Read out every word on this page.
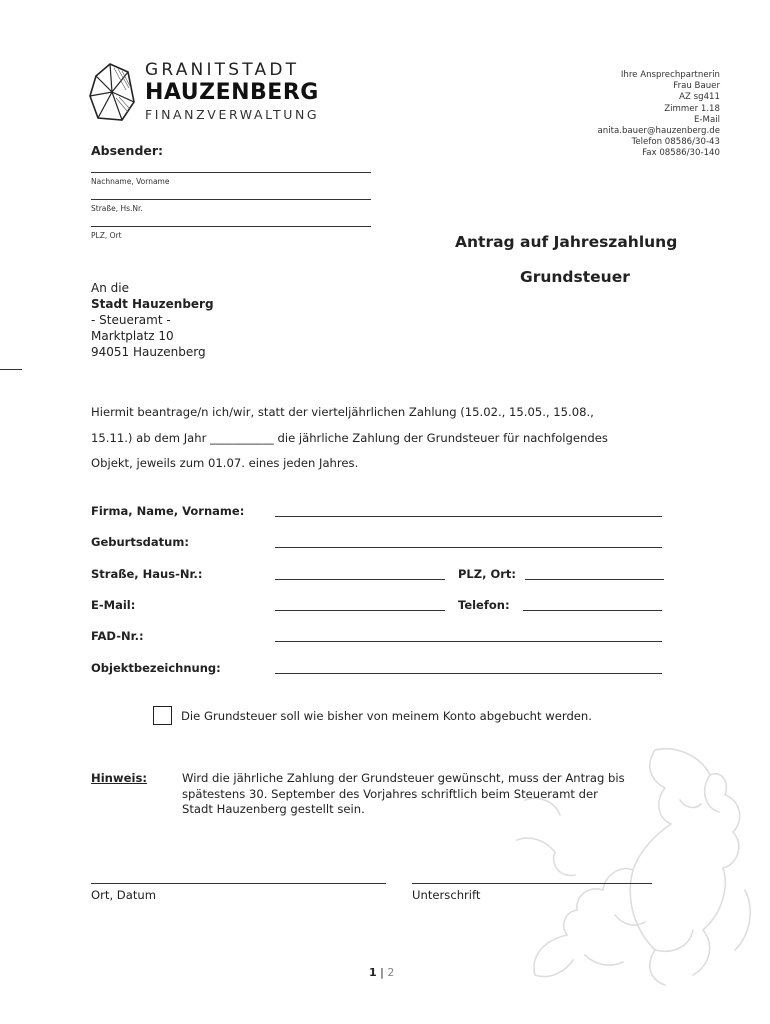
GRANITSTADT
HAUZENBERG
FINANZVERWALTUNG
Ihre Ansprechpartnerin
Frau Bauer
AZ sg411
Zimmer 1.18
E-Mail
anita.bauer@hauzenberg.de
Telefon 08586/30-43
Fax 08586/30-140
Absender:
Nachname, Vorname
Straße, Hs.Nr.
PLZ, Ort	Antrag auf Jahreszahlung
Grundsteuer
An die
Stadt Hauzenberg
- Steueramt -
Marktplatz 10
94051 Hauzenberg
Hiermit beantrage/n ich/wir, statt der vierteljährlichen Zahlung (15.02., 15.05., 15.08.,
15.11.) ab dem Jahr ___________ die jährliche Zahlung der Grundsteuer für nachfolgendes
Objekt, jeweils zum 01.07. eines jeden Jahres.
Firma, Name, Vorname:
Geburtsdatum:
Straße, Haus-Nr.:	PLZ, Ort:
E-Mail:	Telefon:
FAD-Nr.:
Objektbezeichnung:
Die Grundsteuer soll wie bisher von meinem Konto abgebucht werden.
Hinweis:	Wird die jährliche Zahlung der Grundsteuer gewünscht, muss der Antrag bis
spätestens 30. September des Vorjahres schriftlich beim Steueramt der
Stadt Hauzenberg gestellt sein.
Ort, Datum	Unterschrift
1 | 2
